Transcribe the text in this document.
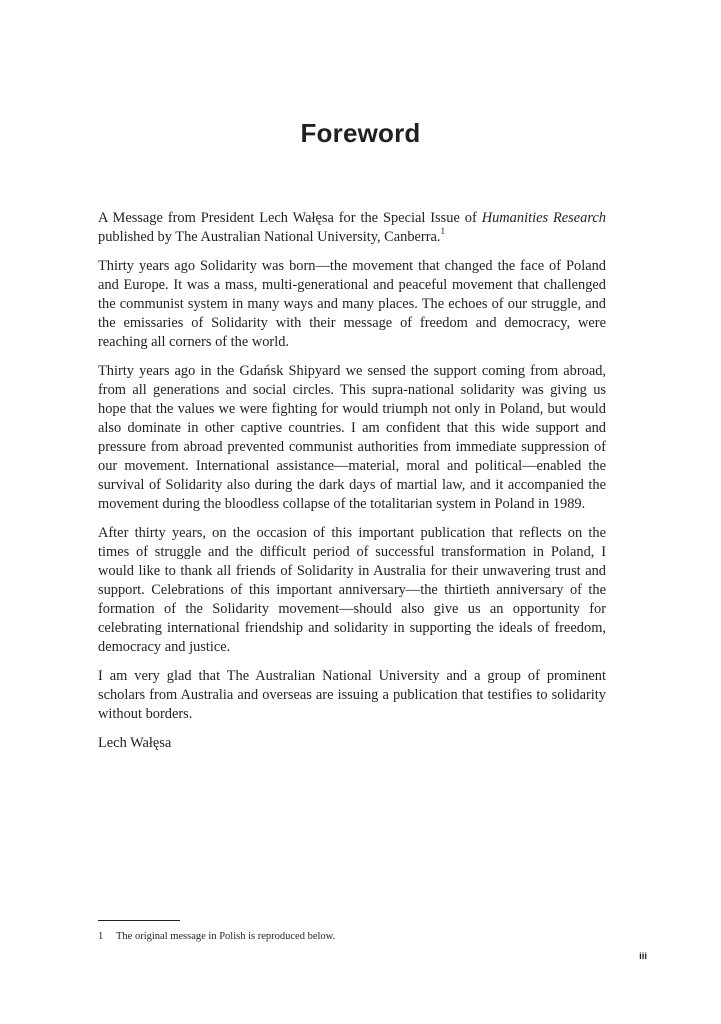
Foreword

A Message from President Lech Wałęsa for the Special Issue of Humanities Research published by The Australian National University, Canberra.$^1$

Thirty years ago Solidarity was born—the movement that changed the face of Poland and Europe. It was a mass, multi-generational and peaceful movement that challenged the communist system in many ways and many places. The echoes of our struggle, and the emissaries of Solidarity with their message of freedom and democracy, were reaching all corners of the world.

Thirty years ago in the Gdańsk Shipyard we sensed the support coming from abroad, from all generations and social circles. This supra-national solidarity was giving us hope that the values we were fighting for would triumph not only in Poland, but would also dominate in other captive countries. I am confident that this wide support and pressure from abroad prevented communist authorities from immediate suppression of our movement. International assistance—material, moral and political—enabled the survival of Solidarity also during the dark days of martial law, and it accompanied the movement during the bloodless collapse of the totalitarian system in Poland in 1989.

After thirty years, on the occasion of this important publication that reflects on the times of struggle and the difficult period of successful transformation in Poland, I would like to thank all friends of Solidarity in Australia for their unwavering trust and support. Celebrations of this important anniversary—the thirtieth anniversary of the formation of the Solidarity movement—should also give us an opportunity for celebrating international friendship and solidarity in supporting the ideals of freedom, democracy and justice.

I am very glad that The Australian National University and a group of prominent scholars from Australia and overseas are issuing a publication that testifies to solidarity without borders.

Lech Wałęsa

1 The original message in Polish is reproduced below.
iii
